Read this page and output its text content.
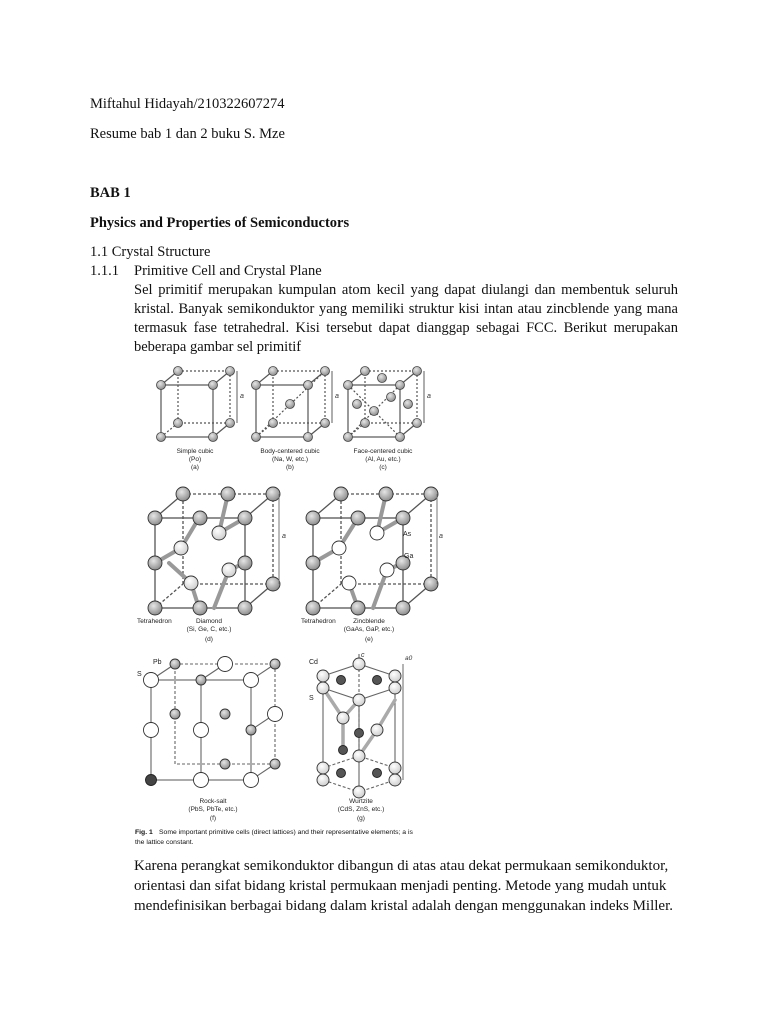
Miftahul Hidayah/210322607274
Resume bab 1 dan 2 buku S. Mze
BAB 1
Physics and Properties of Semiconductors
1.1 Crystal Structure
1.1.1 Primitive Cell and Crystal Plane
Sel primitif merupakan kumpulan atom kecil yang dapat diulangi dan membentuk seluruh kristal. Banyak semikonduktor yang memiliki struktur kisi intan atau zincblende yang mana termasuk fase tetrahedral. Kisi tersebut dapat dianggap sebagai FCC. Berikut merupakan beberapa gambar sel primitif
a
Simple cubic
(Po)
(a)
a
Body-centered cubic
(Na, W, etc.)
(b)
a
Face-centered cubic
(Al, Au, etc.)
(c)
a
Tetrahedron	Diamond
(Si, Ge, C, etc.)
(d)
As
Ga
a
Tetrahedron	Zincblende
(GaAs, GaP, etc.)
(e)
Pb
S
Rock-salt
(PbS, PbTe, etc.)
(f)
Cd
S
c	a0
Wurtzite
(CdS, ZnS, etc.)
(g)
Fig. 1 Some important primitive cells (direct lattices) and their representative elements; a is
the lattice constant.
Karena perangkat semikonduktor dibangun di atas atau dekat permukaan semikonduktor, orientasi dan sifat bidang kristal permukaan menjadi penting. Metode yang mudah untuk mendefinisikan berbagai bidang dalam kristal adalah dengan menggunakan indeks Miller.
